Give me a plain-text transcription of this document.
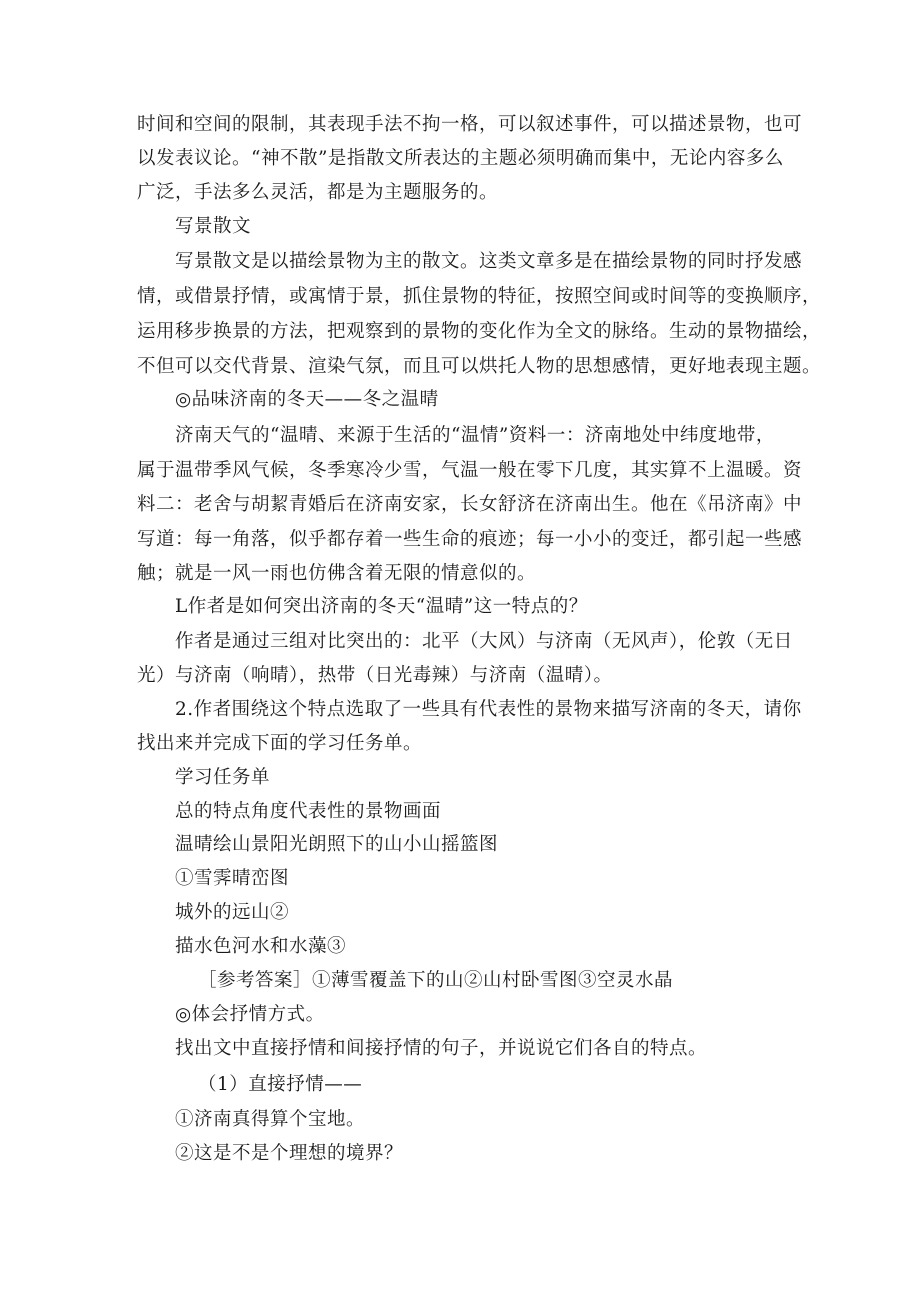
时间和空间的限制，其表现手法不拘一格，可以叙述事件，可以描述景物，也可
以发表议论。“神不散”是指散文所表达的主题必须明确而集中，无论内容多么
广泛，手法多么灵活，都是为主题服务的。
写景散文
写景散文是以描绘景物为主的散文。这类文章多是在描绘景物的同时抒发感
情，或借景抒情，或寓情于景，抓住景物的特征，按照空间或时间等的变换顺序，
运用移步换景的方法，把观察到的景物的变化作为全文的脉络。生动的景物描绘，
不但可以交代背景、渲染气氛，而且可以烘托人物的思想感情，更好地表现主题。
◎品味济南的冬天——冬之温晴
济南天气的“温晴、来源于生活的“温情”资料一：济南地处中纬度地带，
属于温带季风气候，冬季寒冷少雪，气温一般在零下几度，其实算不上温暖。资
料二：老舍与胡絜青婚后在济南安家，长女舒济在济南出生。他在《吊济南》中
写道：每一角落，似乎都存着一些生命的痕迹；每一小小的变迁，都引起一些感
触；就是一风一雨也仿佛含着无限的情意似的。
L作者是如何突出济南的冬天“温晴”这一特点的？
作者是通过三组对比突出的：北平（大风）与济南（无风声），伦敦（无日
光）与济南（响晴），热带（日光毒辣）与济南（温晴）。
2.作者围绕这个特点选取了一些具有代表性的景物来描写济南的冬天，请你
找出来并完成下面的学习任务单。
学习任务单
总的特点角度代表性的景物画面
温晴绘山景阳光朗照下的山小山摇篮图
①雪霁晴峦图
城外的远山②
描水色河水和水藻③
［参考答案］①薄雪覆盖下的山②山村卧雪图③空灵水晶
◎体会抒情方式。
找出文中直接抒情和间接抒情的句子，并说说它们各自的特点。
（1）直接抒情——
①济南真得算个宝地。
②这是不是个理想的境界？
